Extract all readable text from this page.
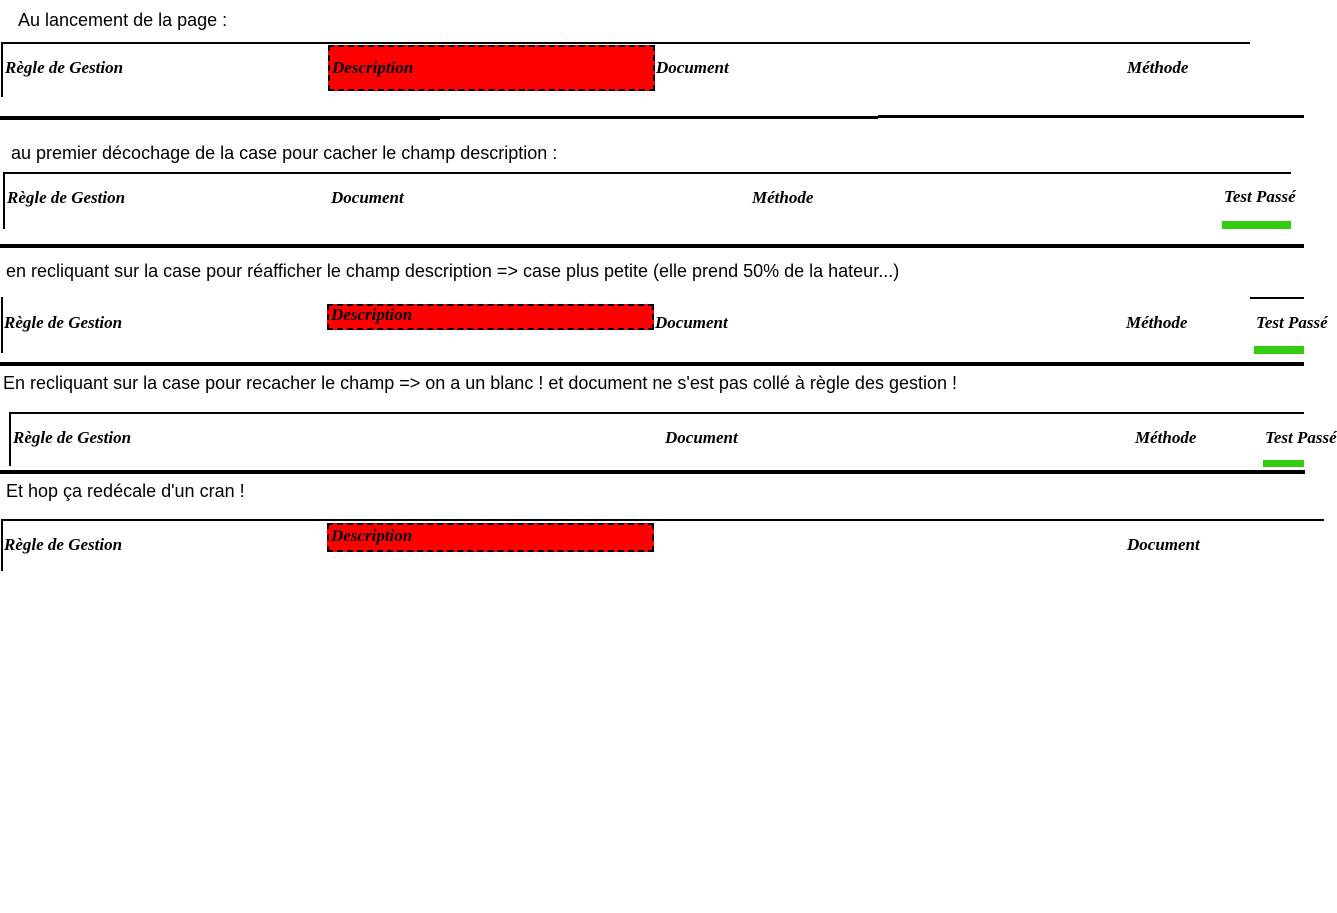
Au lancement de la page :
Règle de Gestion	Description	Document	Méthode
au premier décochage de la case pour cacher le champ description :
Règle de Gestion	Document	Méthode	Test Passé
en recliquant sur la case pour réafficher le champ description => case plus petite (elle prend 50% de la hateur...)
Règle de Gestion	Description	Document	Méthode	Test Passé
En recliquant sur la case pour recacher le champ => on a un blanc ! et document ne s'est pas collé à règle des gestion !
Règle de Gestion	Document	Méthode	Test Passé
Et hop ça redécale d'un cran !
Règle de Gestion	Description	Document
